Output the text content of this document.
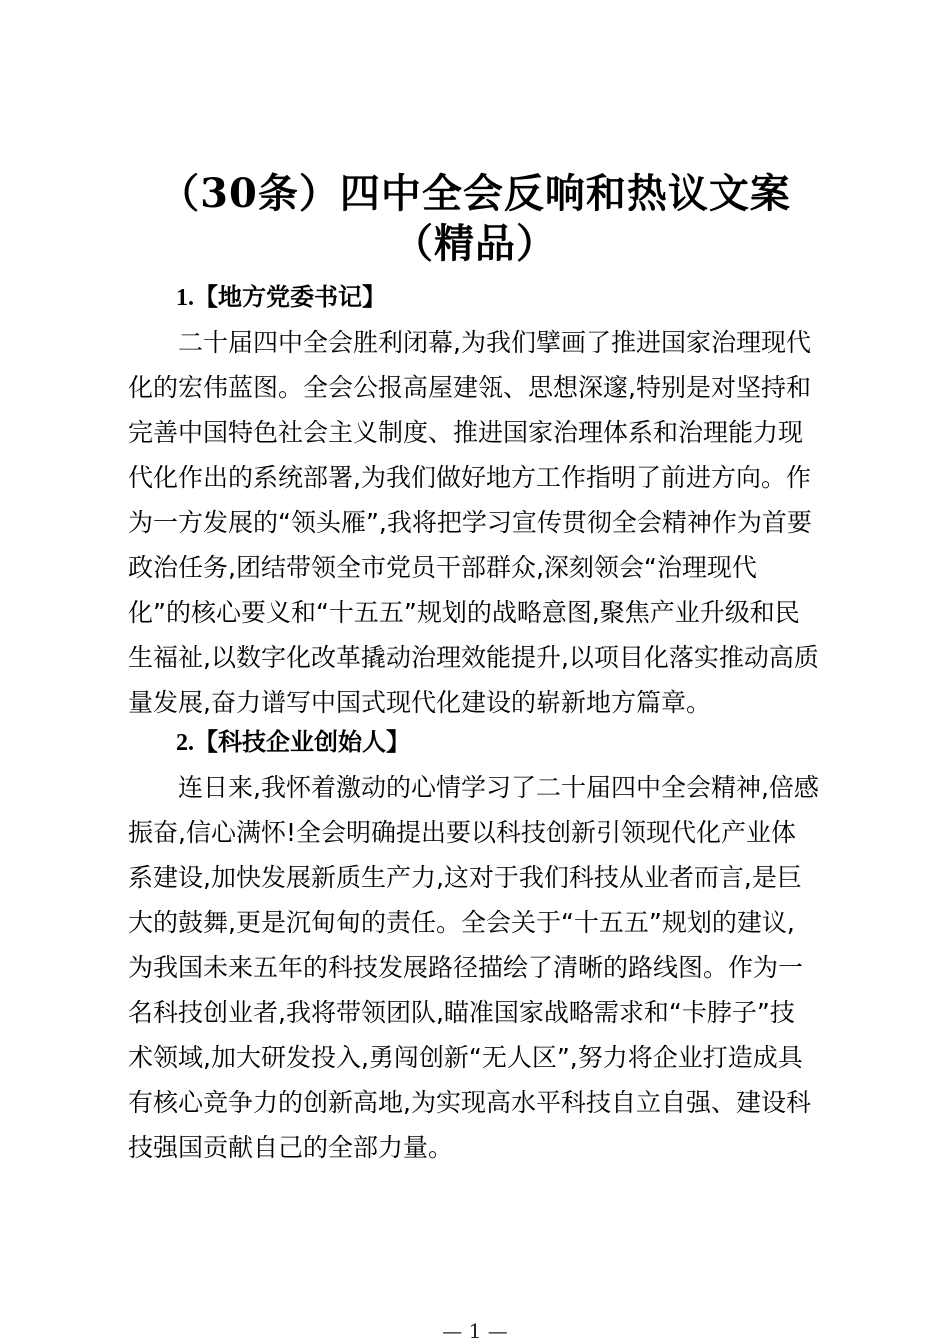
（30条）四中全会反响和热议文案
（精品）
1.【地方党委书记】

二十届四中全会胜利闭幕,为我们擘画了推进国家治理现代
化的宏伟蓝图。全会公报高屋建瓴、思想深邃,特别是对坚持和
完善中国特色社会主义制度、推进国家治理体系和治理能力现
代化作出的系统部署,为我们做好地方工作指明了前进方向。作
为一方发展的“领头雁”,我将把学习宣传贯彻全会精神作为首要
政治任务,团结带领全市党员干部群众,深刻领会“治理现代
化”的核心要义和“十五五”规划的战略意图,聚焦产业升级和民
生福祉,以数字化改革撬动治理效能提升,以项目化落实推动高质
量发展,奋力谱写中国式现代化建设的崭新地方篇章。

2.【科技企业创始人】

连日来,我怀着激动的心情学习了二十届四中全会精神,倍感
振奋,信心满怀!全会明确提出要以科技创新引领现代化产业体
系建设,加快发展新质生产力,这对于我们科技从业者而言,是巨
大的鼓舞,更是沉甸甸的责任。全会关于“十五五”规划的建议,
为我国未来五年的科技发展路径描绘了清晰的路线图。作为一
名科技创业者,我将带领团队,瞄准国家战略需求和“卡脖子”技
术领域,加大研发投入,勇闯创新“无人区”,努力将企业打造成具
有核心竞争力的创新高地,为实现高水平科技自立自强、建设科
技强国贡献自己的全部力量。

— 1 —
